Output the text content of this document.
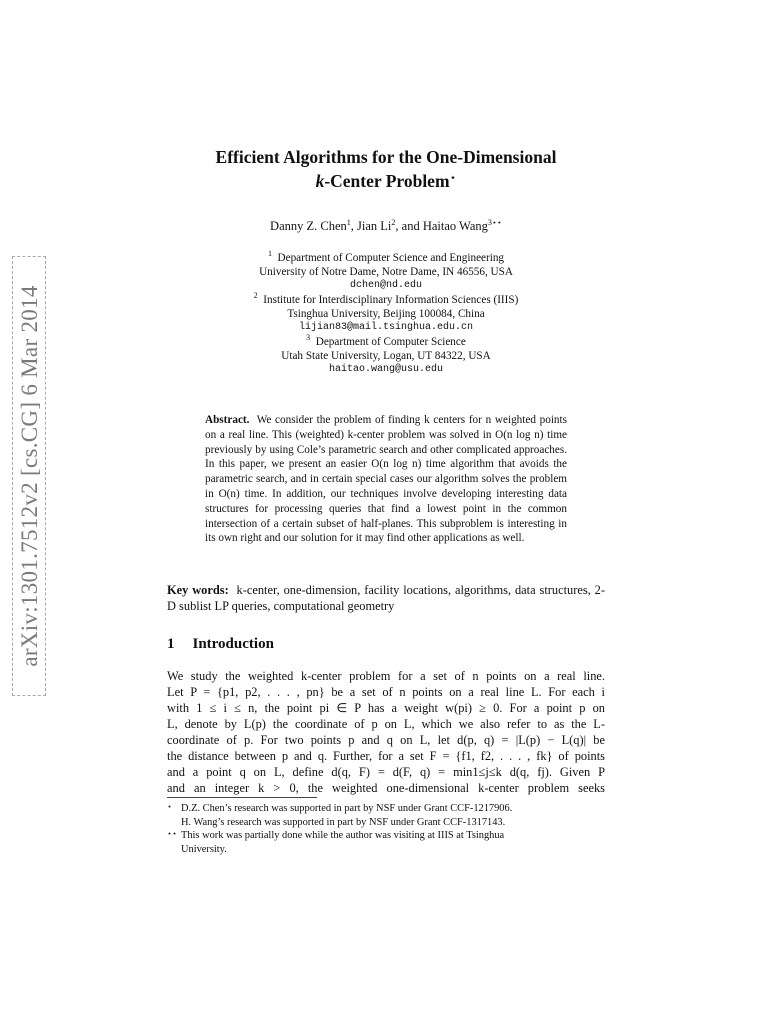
arXiv:1301.7512v2 [cs.CG] 6 Mar 2014
Efficient Algorithms for the One-Dimensional
k-Center Problem⋆
Danny Z. Chen$^1$, Jian Li$^2$, and Haitao Wang$^{3⋆⋆}$
$^1$ Department of Computer Science and Engineering
University of Notre Dame, Notre Dame, IN 46556, USA
dchen@nd.edu
$^2$ Institute for Interdisciplinary Information Sciences (IIIS)
Tsinghua University, Beijing 100084, China
lijian83@mail.tsinghua.edu.cn
$^3$ Department of Computer Science
Utah State University, Logan, UT 84322, USA
haitao.wang@usu.edu
Abstract. We consider the problem of finding k centers for n weighted points on a real line. This (weighted) k-center problem was solved in O(n log n) time previously by using Cole’s parametric search and other complicated approaches. In this paper, we present an easier O(n log n) time algorithm that avoids the parametric search, and in certain special cases our algorithm solves the problem in O(n) time. In addition, our techniques involve developing interesting data structures for processing queries that find a lowest point in the common intersection of a certain subset of half-planes. This subproblem is interesting in its own right and our solution for it may find other applications as well.
Key words: k-center, one-dimension, facility locations, algorithms, data structures, 2-D sublist LP queries, computational geometry
1 Introduction
We study the weighted k-center problem for a set of n points on a real line.
Let P = {p1, p2, . . . , pn} be a set of n points on a real line L. For each i
with 1 ≤ i ≤ n, the point pi ∈ P has a weight w(pi) ≥ 0. For a point p on
L, denote by L(p) the coordinate of p on L, which we also refer to as the L-
coordinate of p. For two points p and q on L, let d(p, q) = |L(p) − L(q)| be
the distance between p and q. Further, for a set F = {f1, f2, . . . , fk} of points
and a point q on L, define d(q, F) = d(F, q) = min1≤j≤k d(q, fj). Given P
and an integer k > 0, the weighted one-dimensional k-center problem seeks
⋆ D.Z. Chen’s research was supported in part by NSF under Grant CCF-1217906.
H. Wang’s research was supported in part by NSF under Grant CCF-1317143.
⋆⋆ This work was partially done while the author was visiting at IIIS at Tsinghua
University.
